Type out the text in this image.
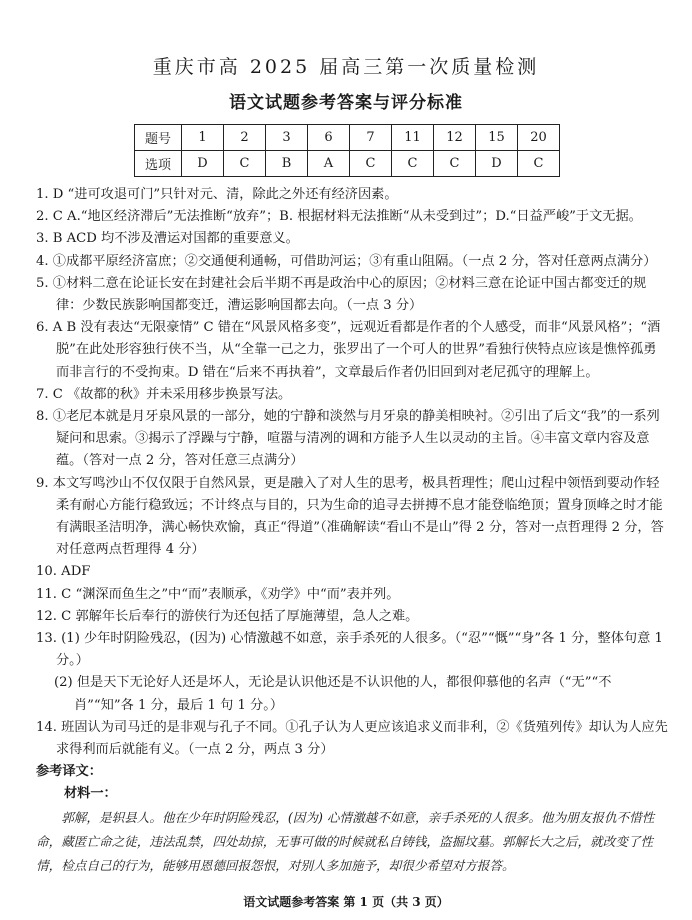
重庆市高 2025 届高三第一次质量检测
语文试题参考答案与评分标准
题号	1	2	3	6	7	11	12	15	20
选项	D	C	B	A	C	C	C	D	C

1. D “进可攻退可门”只针对元、清，除此之外还有经济因素。

2. C A.“地区经济滞后”无法推断“放弃”；B. 根据材料无法推断“从未受到过”；D.“日益严峻”于文无据。

3. B ACD 均不涉及漕运对国都的重要意义。

4. ①成都平原经济富庶；②交通便利通畅，可借助河运；③有重山阻隔。（一点 2 分，答对任意两点满分）

5. ①材料二意在论证长安在封建社会后半期不再是政治中心的原因；②材料三意在论证中国古都变迁的规律：少数民族影响国都变迁，漕运影响国都去向。（一点 3 分）

6. A B 没有表达“无限豪情” C 错在“风景风格多变”，远观近看都是作者的个人感受，而非“风景风格”；“酒脱”在此处形容独行侠不当，从“全靠一己之力，张罗出了一个可人的世界”看独行侠特点应该是憔悴孤勇而非言行的不受拘束。D 错在“后来不再执着”，文章最后作者仍旧回到对老尼孤守的理解上。

7. C 《故都的秋》并未采用移步换景写法。

8. ①老尼本就是月牙泉风景的一部分，她的宁静和淡然与月牙泉的静美相映衬。②引出了后文“我”的一系列疑问和思索。③揭示了浮躁与宁静，喧嚣与清冽的调和方能予人生以灵动的主旨。④丰富文章内容及意蕴。（答对一点 2 分，答对任意三点满分）

9. 本文写鸣沙山不仅仅限于自然风景，更是融入了对人生的思考，极具哲理性；爬山过程中领悟到要动作轻柔有耐心方能行稳致远；不计终点与目的，只为生命的追寻去拼搏不息才能登临绝顶；置身顶峰之时才能有满眼圣洁明净，满心畅快欢愉，真正“得道”（准确解读“看山不是山”得 2 分，答对一点哲理得 2 分，答对任意两点哲理得 4 分）

10. ADF

11. C “渊深而鱼生之”中“而”表顺承，《劝学》中“而”表并列。

12. C 郭解年长后奉行的游侠行为还包括了厚施薄望，急人之难。

13. (1) 少年时阴险残忍，(因为) 心情激越不如意，亲手杀死的人很多。（“忍”“慨”“身”各 1 分，整体句意 1 分。）

(2) 但是天下无论好人还是坏人，无论是认识他还是不认识他的人，都很仰慕他的名声（“无”“不肖”“知”各 1 分，最后 1 句 1 分。）

14. 班固认为司马迁的是非观与孔子不同。①孔子认为人更应该追求义而非利，②《货殖列传》却认为人应先求得利而后就能有义。（一点 2 分，两点 3 分）

参考译文：

材料一：

郭解，是轵县人。他在少年时阴险残忍，(因为) 心情激越不如意，亲手杀死的人很多。他为朋友报仇不惜性命，藏匿亡命之徒，违法乱禁，四处劫掠，无事可做的时候就私自铸钱，盗掘坟墓。郭解长大之后，就改变了性情，检点自己的行为，能够用恩德回报怨恨，对别人多加施予，却很少希望对方报答。

语文试题参考答案 第 1 页（共 3 页）
